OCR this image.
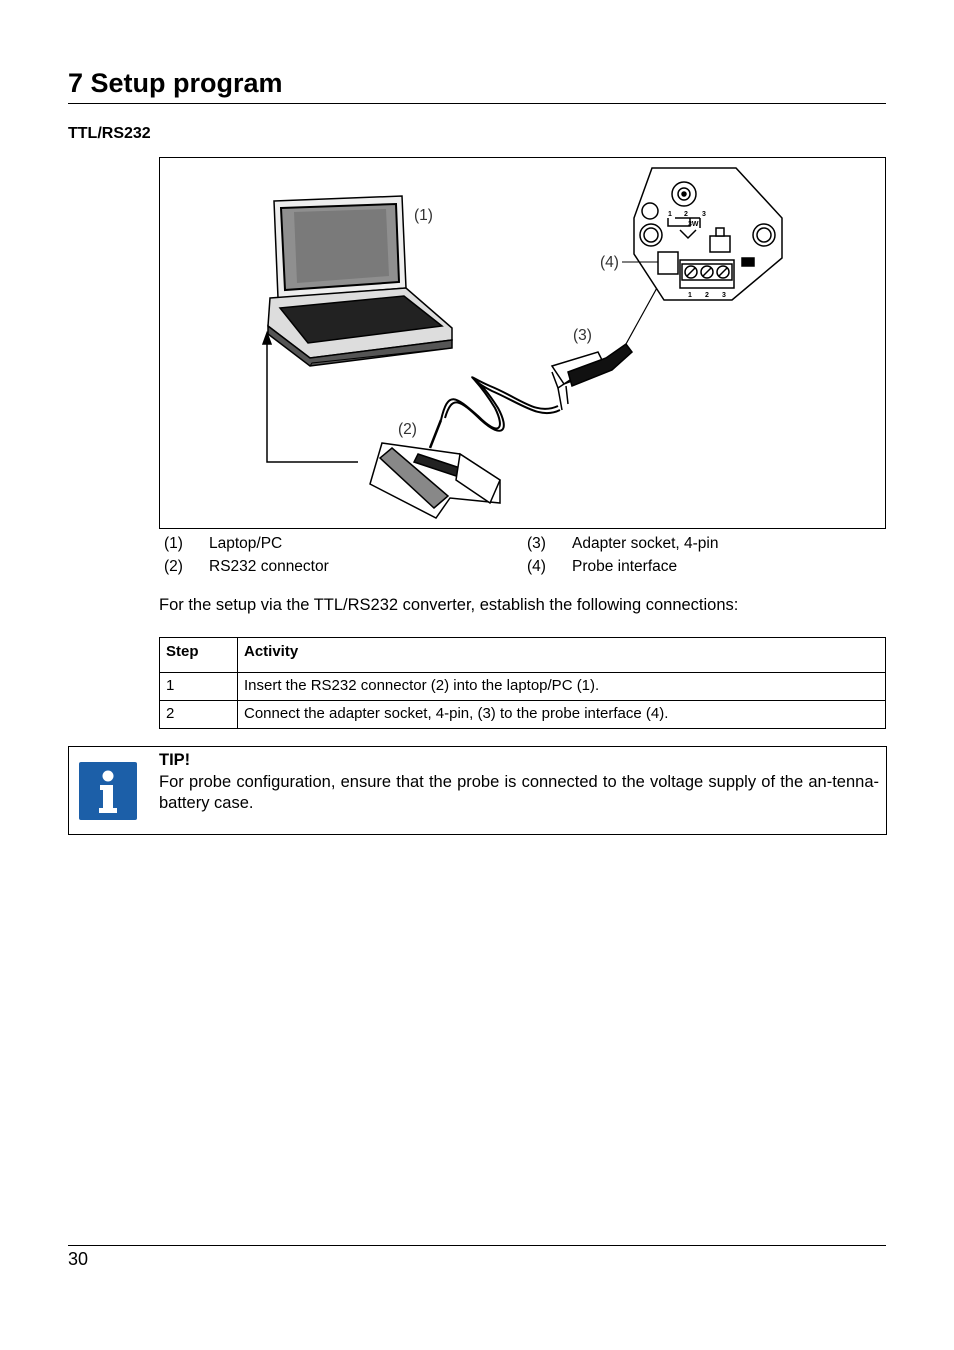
7 Setup program
TTL/RS232
1 2 3
3W
1 2 3
(1)
(2)
(3)
(4)
(1) Laptop/PC
(2) RS232 connector
(3) Adapter socket, 4-pin
(4) Probe interface
For the setup via the TTL/RS232 converter, establish the following connections:
Step	Activity
1	Insert the RS232 connector (2) into the laptop/PC (1).
2	Connect the adapter socket, 4-pin, (3) to the probe interface (4).
TIP!
For probe configuration, ensure that the probe is connected to the voltage supply of the an-tenna-battery case.
30
